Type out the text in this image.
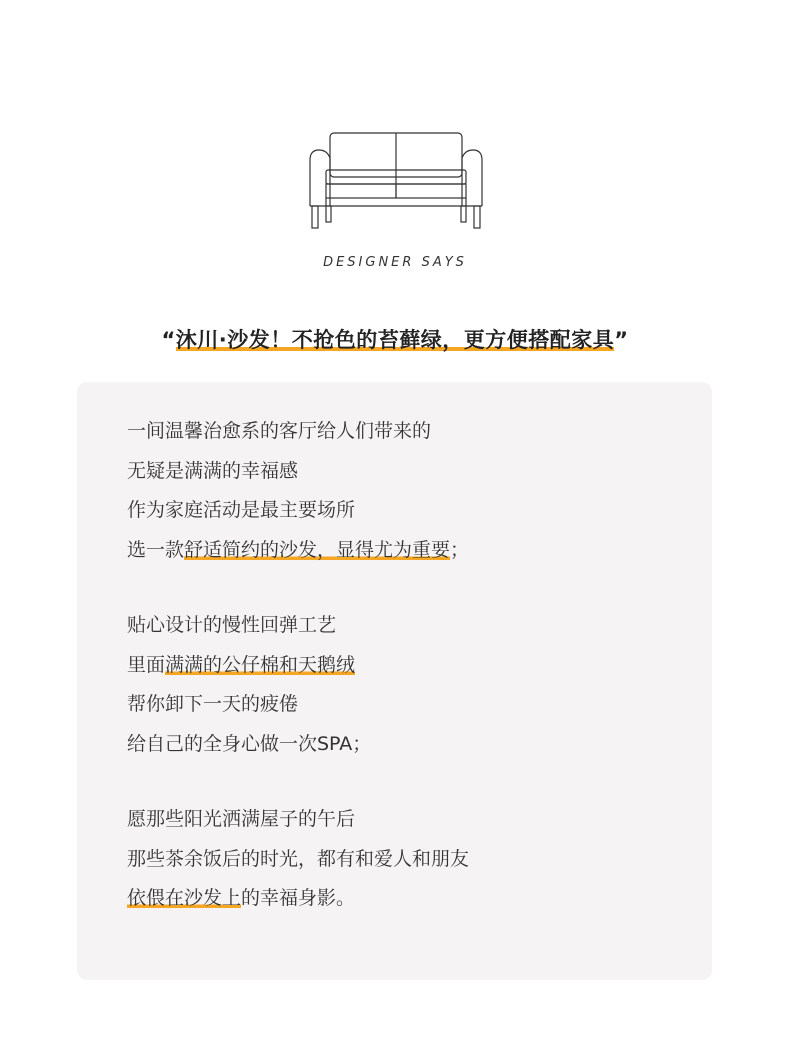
DESIGNER SAYS
“沐川·沙发！不抢色的苔藓绿，更方便搭配家具”
一间温馨治愈系的客厅给人们带来的
无疑是满满的幸福感
作为家庭活动是最主要场所
选一款舒适简约的沙发，显得尤为重要；
贴心设计的慢性回弹工艺
里面满满的公仔棉和天鹅绒
帮你卸下一天的疲倦
给自己的全身心做一次SPA；
愿那些阳光洒满屋子的午后
那些茶余饭后的时光，都有和爱人和朋友
依偎在沙发上的幸福身影。
